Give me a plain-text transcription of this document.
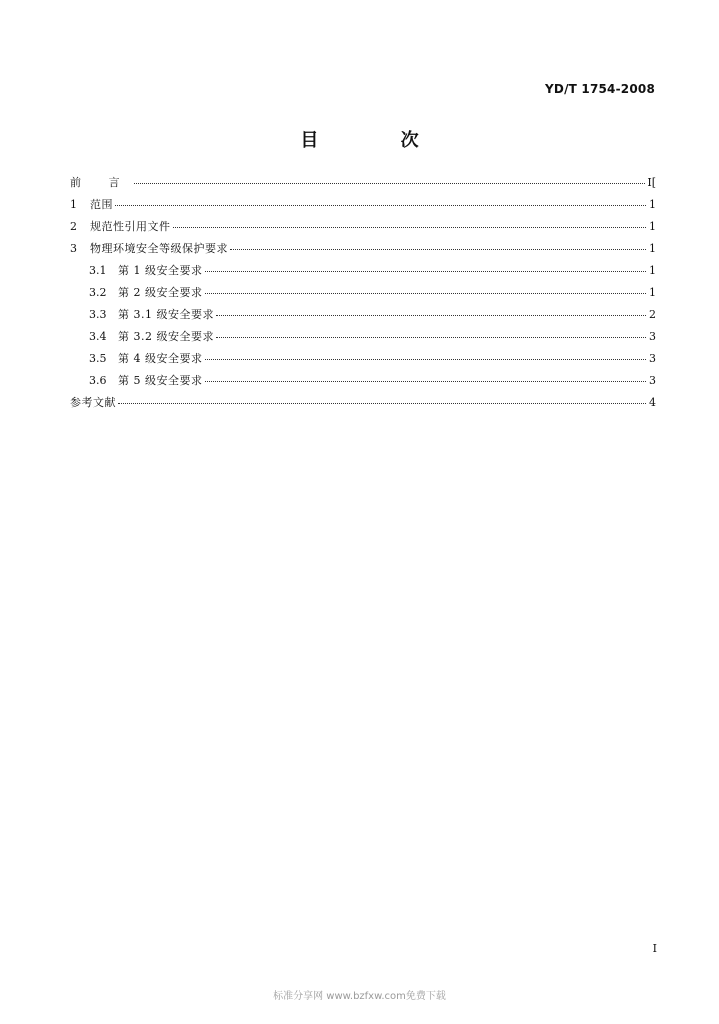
YD/T 1754-2008
目 次
前 言	I[
1	范围	1
2	规范性引用文件	1
3	物理环境安全等级保护要求	1
3.1	第 1 级安全要求	1
3.2	第 2 级安全要求	1
3.3	第 3.1 级安全要求	2
3.4	第 3.2 级安全要求	3
3.5	第 4 级安全要求	3
3.6	第 5 级安全要求	3
参考文献	4
I
标准分享网 www.bzfxw.com免费下载
